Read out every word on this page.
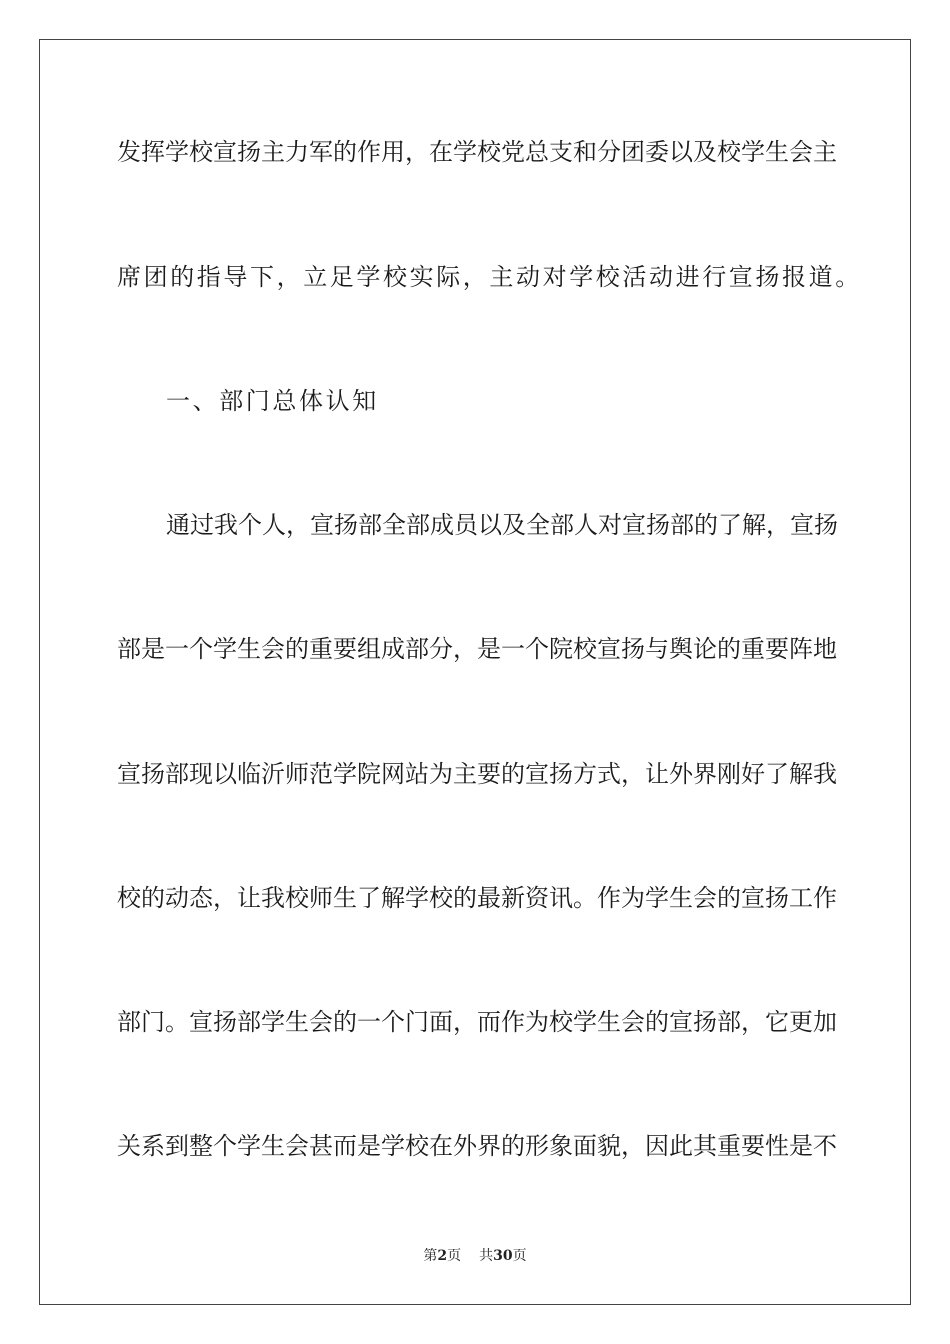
发挥学校宣扬主力军的作用，在学校党总支和分团委以及校学生会主
席团的指导下，立足学校实际，主动对学校活动进行宣扬报道。
一、部门总体认知
通过我个人，宣扬部全部成员以及全部人对宣扬部的了解，宣扬
部是一个学生会的重要组成部分，是一个院校宣扬与舆论的重要阵地
宣扬部现以临沂师范学院网站为主要的宣扬方式，让外界刚好了解我
校的动态，让我校师生了解学校的最新资讯。作为学生会的宣扬工作
部门。宣扬部学生会的一个门面，而作为校学生会的宣扬部，它更加
关系到整个学生会甚而是学校在外界的形象面貌，因此其重要性是不
第2页 共30页
